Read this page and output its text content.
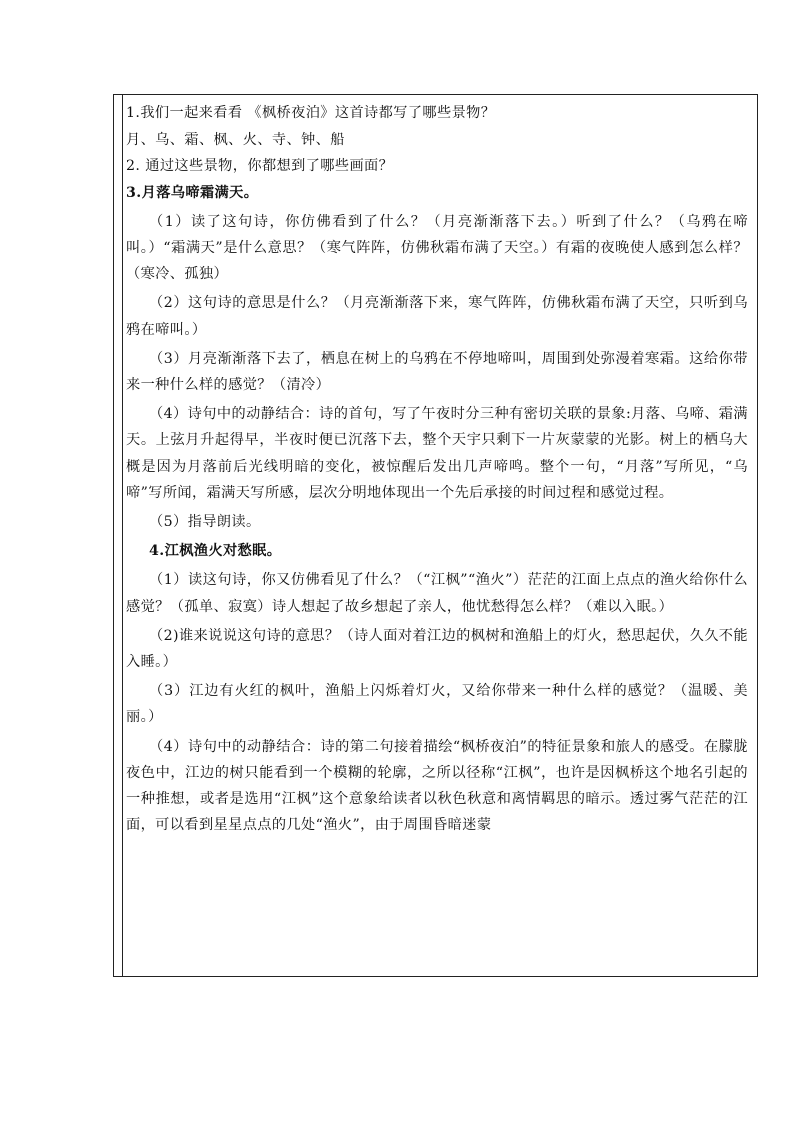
1.我们一起来看看 《枫桥夜泊》这首诗都写了哪些景物？

月、乌、霜、枫、火、寺、钟、船

2. 通过这些景物，你都想到了哪些画面？

3.月落乌啼霜满天。

（1）读了这句诗，你仿佛看到了什么？（月亮渐渐落下去。）听到了什么？（乌鸦在啼叫。）“霜满天”是什么意思？（寒气阵阵，仿佛秋霜布满了天空。）有霜的夜晚使人感到怎么样？（寒冷、孤独）

（2）这句诗的意思是什么？（月亮渐渐落下来，寒气阵阵，仿佛秋霜布满了天空，只听到乌鸦在啼叫。）

（3）月亮渐渐落下去了，栖息在树上的乌鸦在不停地啼叫，周围到处弥漫着寒霜。这给你带来一种什么样的感觉？（清冷）

（4）诗句中的动静结合：诗的首句，写了午夜时分三种有密切关联的景象:月落、乌啼、霜满天。上弦月升起得早，半夜时便已沉落下去，整个天宇只剩下一片灰蒙蒙的光影。树上的栖乌大概是因为月落前后光线明暗的变化，被惊醒后发出几声啼鸣。整个一句，“月落”写所见，“乌啼”写所闻，霜满天写所感，层次分明地体现出一个先后承接的时间过程和感觉过程。

（5）指导朗读。

4.江枫渔火对愁眠。

（1）读这句诗，你又仿佛看见了什么？（“江枫”“渔火”）茫茫的江面上点点的渔火给你什么感觉？（孤单、寂寞）诗人想起了故乡想起了亲人，他忧愁得怎么样？（难以入眠。）

（2)谁来说说这句诗的意思？（诗人面对着江边的枫树和渔船上的灯火，愁思起伏，久久不能入睡。）

（3）江边有火红的枫叶，渔船上闪烁着灯火，又给你带来一种什么样的感觉？（温暖、美丽。）

（4）诗句中的动静结合：诗的第二句接着描绘“枫桥夜泊”的特征景象和旅人的感受。在朦胧夜色中，江边的树只能看到一个模糊的轮廓，之所以径称“江枫”，也许是因枫桥这个地名引起的一种推想，或者是选用“江枫”这个意象给读者以秋色秋意和离情羁思的暗示。透过雾气茫茫的江面，可以看到星星点点的几处“渔火”，由于周围昏暗迷蒙
